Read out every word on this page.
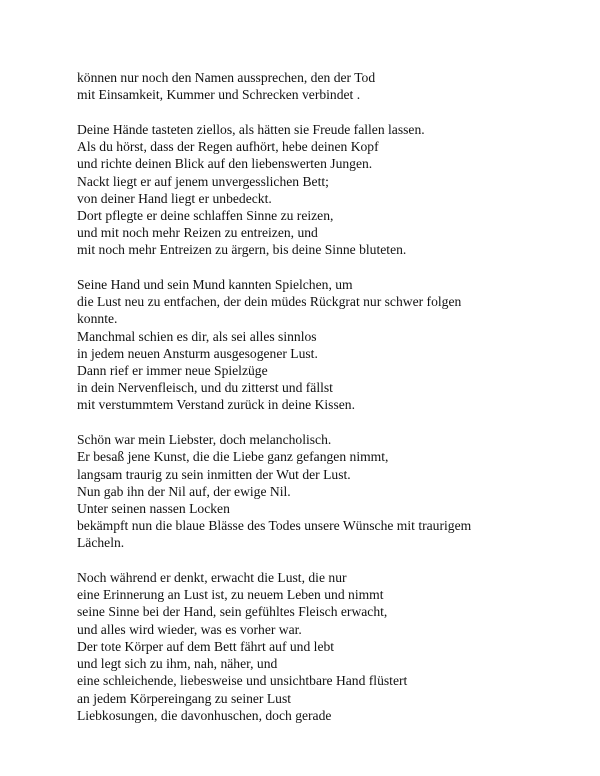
können nur noch den Namen aussprechen, den der Tod
mit Einsamkeit, Kummer und Schrecken verbindet .
Deine Hände tasteten ziellos, als hätten sie Freude fallen lassen.
Als du hörst, dass der Regen aufhört, hebe deinen Kopf
und richte deinen Blick auf den liebenswerten Jungen.
Nackt liegt er auf jenem unvergesslichen Bett;
von deiner Hand liegt er unbedeckt.
Dort pflegte er deine schlaffen Sinne zu reizen,
und mit noch mehr Reizen zu entreizen, und
mit noch mehr Entreizen zu ärgern, bis deine Sinne bluteten.
Seine Hand und sein Mund kannten Spielchen, um
die Lust neu zu entfachen, der dein müdes Rückgrat nur schwer folgen
konnte.
Manchmal schien es dir, als sei alles sinnlos
in jedem neuen Ansturm ausgesogener Lust.
Dann rief er immer neue Spielzüge
in dein Nervenfleisch, und du zitterst und fällst
mit verstummtem Verstand zurück in deine Kissen.
Schön war mein Liebster, doch melancholisch.
Er besaß jene Kunst, die die Liebe ganz gefangen nimmt,
langsam traurig zu sein inmitten der Wut der Lust.
Nun gab ihn der Nil auf, der ewige Nil.
Unter seinen nassen Locken
bekämpft nun die blaue Blässe des Todes unsere Wünsche mit traurigem
Lächeln.
Noch während er denkt, erwacht die Lust, die nur
eine Erinnerung an Lust ist, zu neuem Leben und nimmt
seine Sinne bei der Hand, sein gefühltes Fleisch erwacht,
und alles wird wieder, was es vorher war.
Der tote Körper auf dem Bett fährt auf und lebt
und legt sich zu ihm, nah, näher, und
eine schleichende, liebesweise und unsichtbare Hand flüstert
an jedem Körpereingang zu seiner Lust
Liebkosungen, die davonhuschen, doch gerade
